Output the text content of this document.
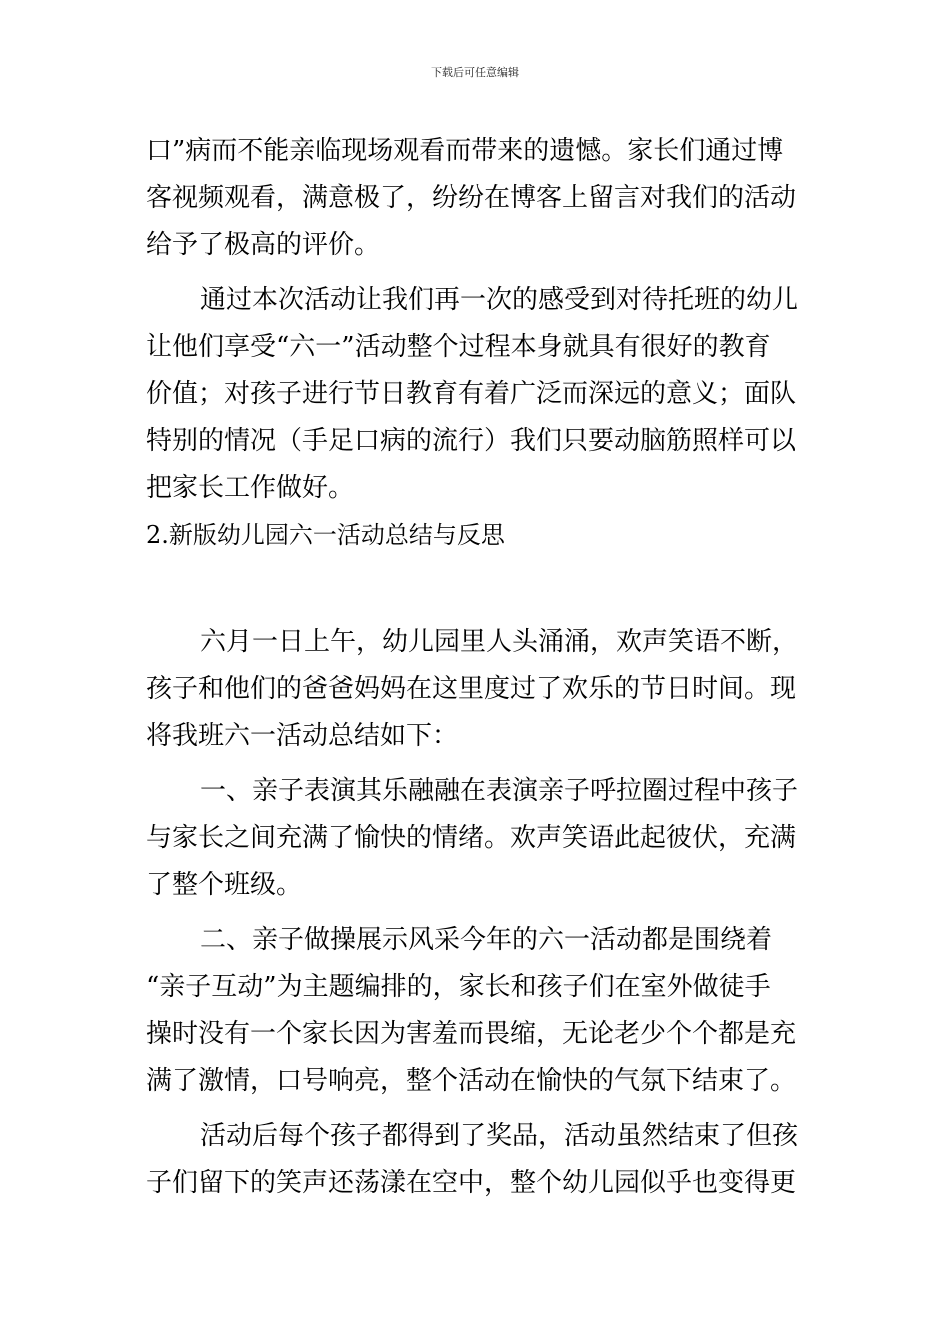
下载后可任意编辑
口”病而不能亲临现场观看而带来的遗憾。家长们通过博
客视频观看，满意极了，纷纷在博客上留言对我们的活动
给予了极高的评价。
通过本次活动让我们再一次的感受到对待托班的幼儿
让他们享受“六一”活动整个过程本身就具有很好的教育
价值；对孩子进行节日教育有着广泛而深远的意义；面队
特别的情况（手足口病的流行）我们只要动脑筋照样可以
把家长工作做好。
2.新版幼儿园六一活动总结与反思
六月一日上午，幼儿园里人头涌涌，欢声笑语不断，
孩子和他们的爸爸妈妈在这里度过了欢乐的节日时间。现
将我班六一活动总结如下：
一、亲子表演其乐融融在表演亲子呼拉圈过程中孩子
与家长之间充满了愉快的情绪。欢声笑语此起彼伏，充满
了整个班级。
二、亲子做操展示风采今年的六一活动都是围绕着
“亲子互动”为主题编排的，家长和孩子们在室外做徒手
操时没有一个家长因为害羞而畏缩，无论老少个个都是充
满了激情，口号响亮，整个活动在愉快的气氛下结束了。
活动后每个孩子都得到了奖品，活动虽然结束了但孩
子们留下的笑声还荡漾在空中，整个幼儿园似乎也变得更
